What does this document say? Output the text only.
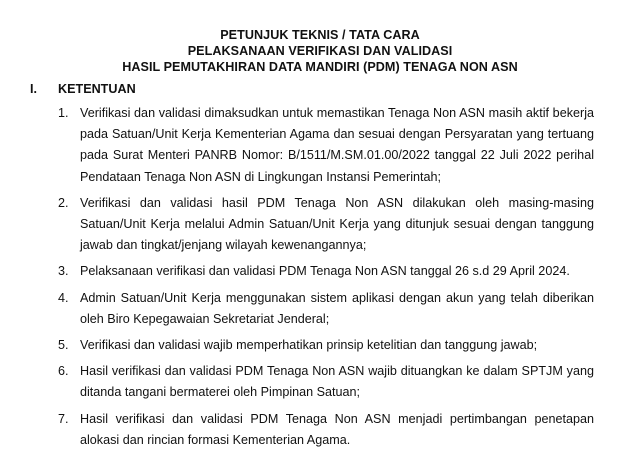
PETUNJUK TEKNIS / TATA CARA
PELAKSANAAN VERIFIKASI DAN VALIDASI
HASIL PEMUTAKHIRAN DATA MANDIRI (PDM) TENAGA NON ASN
I. KETENTUAN
1. Verifikasi dan validasi dimaksudkan untuk memastikan Tenaga Non ASN masih aktif bekerja pada Satuan/Unit Kerja Kementerian Agama dan sesuai dengan Persyaratan yang tertuang pada Surat Menteri PANRB Nomor: B/1511/M.SM.01.00/2022 tanggal 22 Juli 2022 perihal Pendataan Tenaga Non ASN di Lingkungan Instansi Pemerintah;
2. Verifikasi dan validasi hasil PDM Tenaga Non ASN dilakukan oleh masing-masing Satuan/Unit Kerja melalui Admin Satuan/Unit Kerja yang ditunjuk sesuai dengan tanggung jawab dan tingkat/jenjang wilayah kewenangannya;
3. Pelaksanaan verifikasi dan validasi PDM Tenaga Non ASN tanggal 26 s.d 29 April 2024.
4. Admin Satuan/Unit Kerja menggunakan sistem aplikasi dengan akun yang telah diberikan oleh Biro Kepegawaian Sekretariat Jenderal;
5. Verifikasi dan validasi wajib memperhatikan prinsip ketelitian dan tanggung jawab;
6. Hasil verifikasi dan validasi PDM Tenaga Non ASN wajib dituangkan ke dalam SPTJM yang ditanda tangani bermaterei oleh Pimpinan Satuan;
7. Hasil verifikasi dan validasi PDM Tenaga Non ASN menjadi pertimbangan penetapan alokasi dan rincian formasi Kementerian Agama.
